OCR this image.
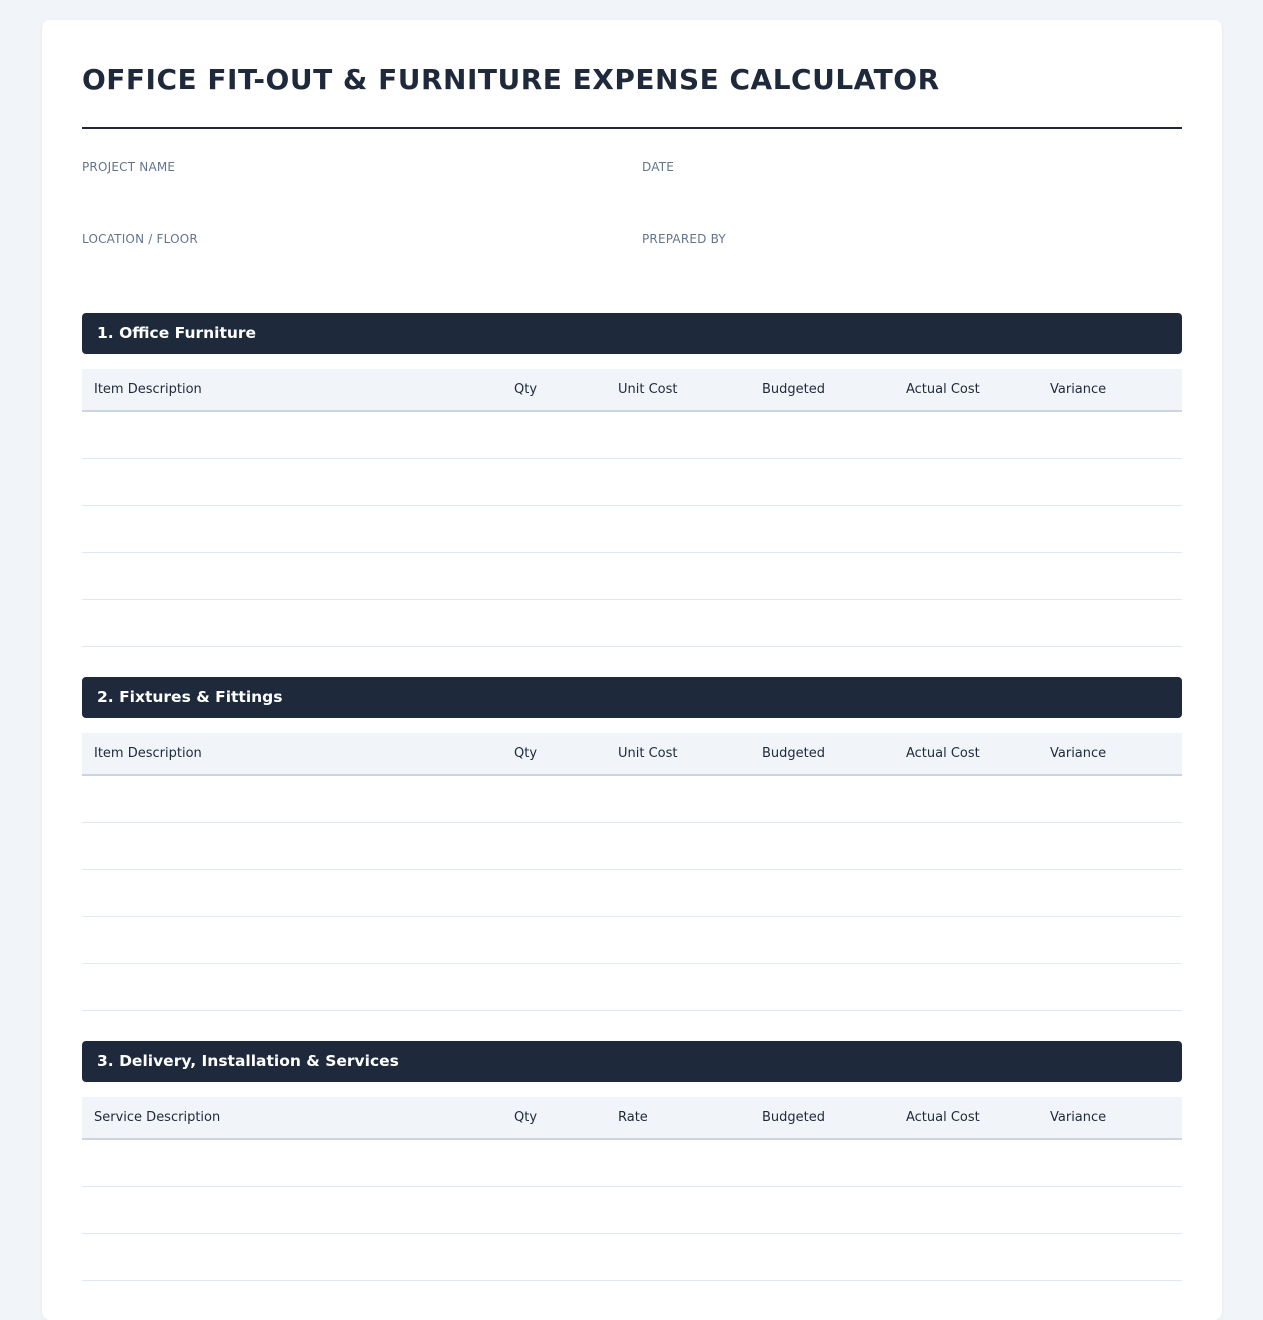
OFFICE FIT-OUT & FURNITURE EXPENSE CALCULATOR
PROJECT NAME	DATE
LOCATION / FLOOR	PREPARED BY
1. Office Furniture
Item Description	Qty	Unit Cost	Budgeted	Actual Cost	Variance
2. Fixtures & Fittings
Item Description	Qty	Unit Cost	Budgeted	Actual Cost	Variance
3. Delivery, Installation & Services
Service Description	Qty	Rate	Budgeted	Actual Cost	Variance
